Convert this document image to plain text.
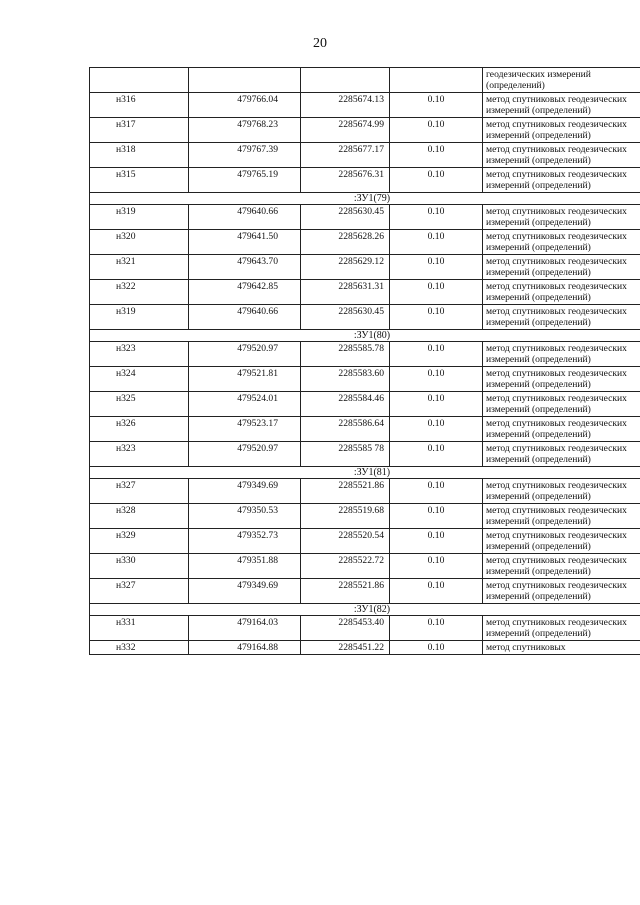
20
				геодезических измерений (определений)
н316	479766.04	2285674.13	0.10	метод спутниковых геодезических измерений (определений)
н317	479768.23	2285674.99	0.10	метод спутниковых геодезических измерений (определений)
н318	479767.39	2285677.17	0.10	метод спутниковых геодезических измерений (определений)
н315	479765.19	2285676.31	0.10	метод спутниковых геодезических измерений (определений)
:ЗУ1(79)				
н319	479640.66	2285630.45	0.10	метод спутниковых геодезических измерений (определений)
н320	479641.50	2285628.26	0.10	метод спутниковых геодезических измерений (определений)
н321	479643.70	2285629.12	0.10	метод спутниковых геодезических измерений (определений)
н322	479642.85	2285631.31	0.10	метод спутниковых геодезических измерений (определений)
н319	479640.66	2285630.45	0.10	метод спутниковых геодезических измерений (определений)
:ЗУ1(80)				
н323	479520.97	2285585.78	0.10	метод спутниковых геодезических измерений (определений)
н324	479521.81	2285583.60	0.10	метод спутниковых геодезических измерений (определений)
н325	479524.01	2285584.46	0.10	метод спутниковых геодезических измерений (определений)
н326	479523.17	2285586.64	0.10	метод спутниковых геодезических измерений (определений)
н323	479520.97	2285585 78	0.10	метод спутниковых геодезических измерений (определений)
:ЗУ1(81)				
н327	479349.69	2285521.86	0.10	метод спутниковых геодезических измерений (определений)
н328	479350.53	2285519.68	0.10	метод спутниковых геодезических измерений (определений)
н329	479352.73	2285520.54	0.10	метод спутниковых геодезических измерений (определений)
н330	479351.88	2285522.72	0.10	метод спутниковых геодезических измерений (определений)
н327	479349.69	2285521.86	0.10	метод спутниковых геодезических измерений (определений)
:ЗУ1(82)				
н331	479164.03	2285453.40	0.10	метод спутниковых геодезических измерений (определений)
н332	479164.88	2285451.22	0.10	метод спутниковых
